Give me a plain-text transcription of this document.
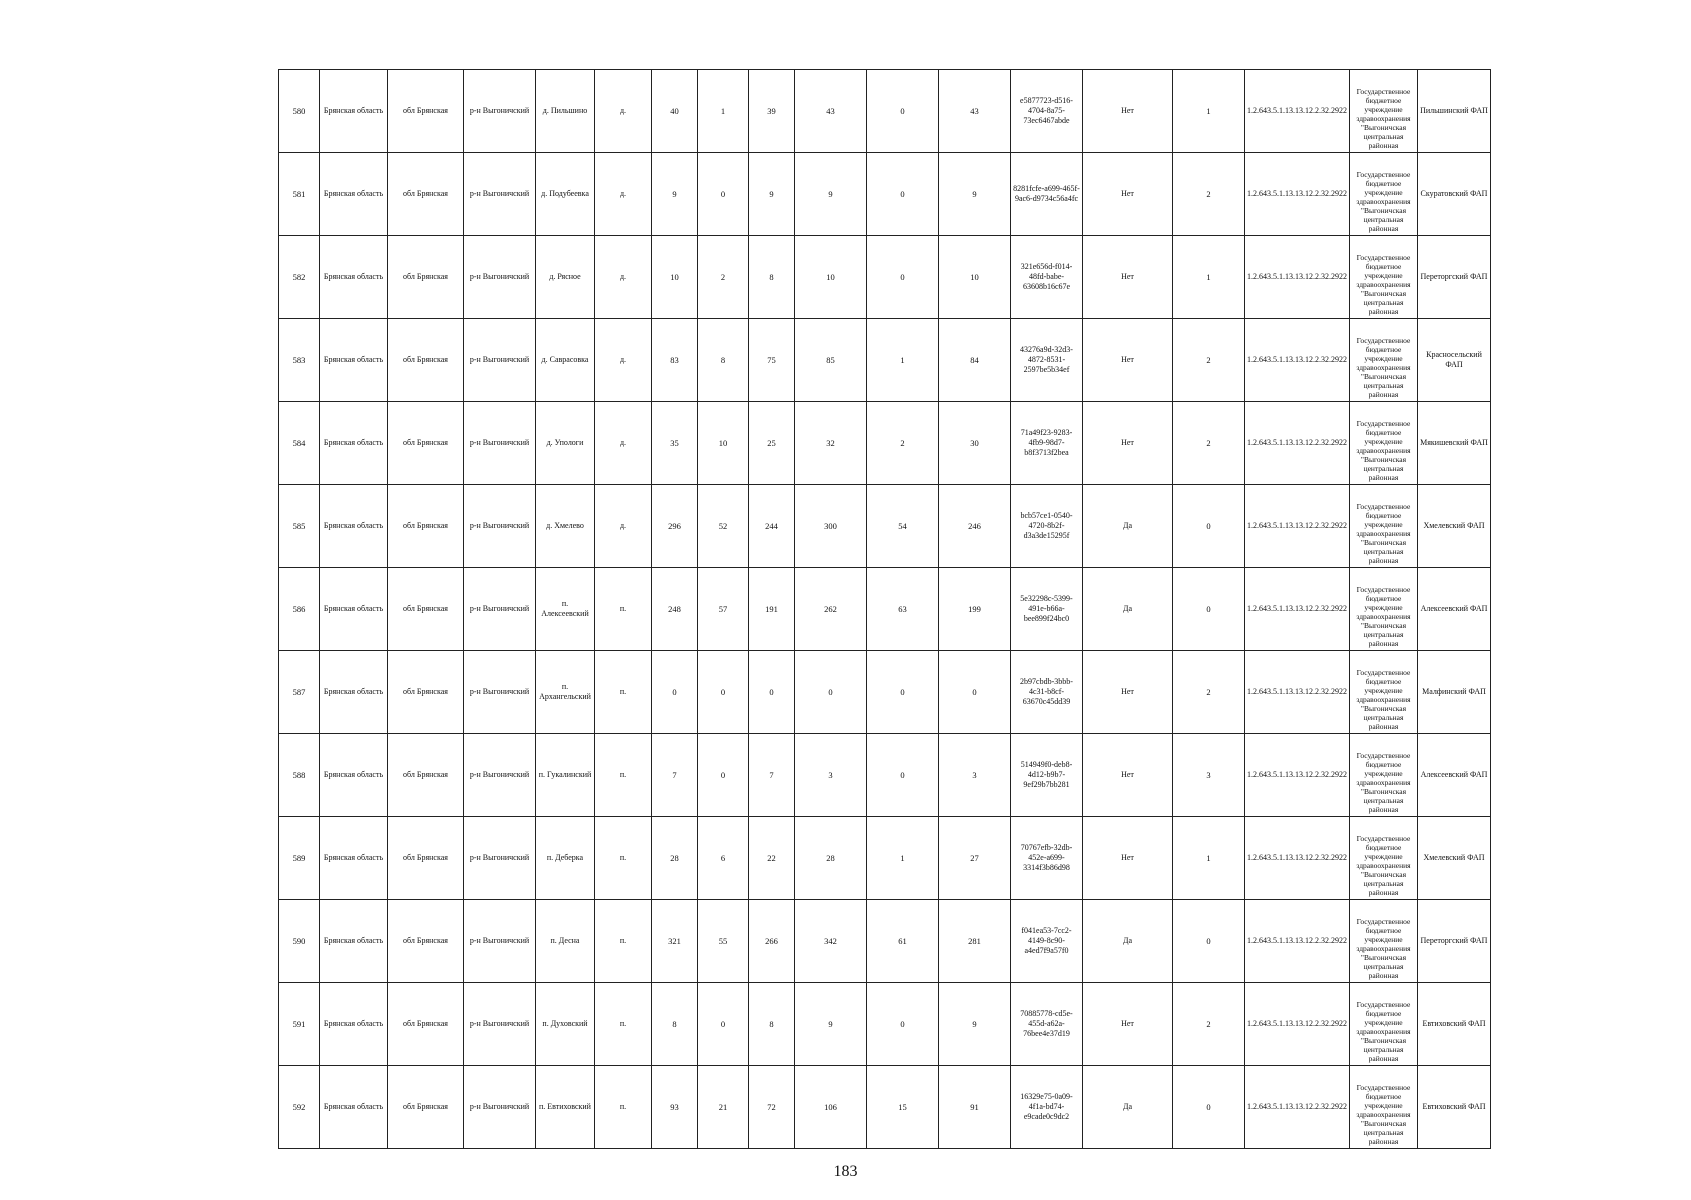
580	Брянская область	обл Брянская	р-н Выгоничский	д. Пильшино	д.	40	1	39	43	0	43	e5877723-d516-4704-8a75-73ec6467abde	Нет	1	1.2.643.5.1.13.13.12.2.32.2922	Государственное бюджетное учреждение здравоохранения "Выгоничская центральная районная	Пильшинский ФАП
581	Брянская область	обл Брянская	р-н Выгоничский	д. Подубеевка	д.	9	0	9	9	0	9	8281fcfe-a699-465f-9ac6-d9734c56a4fc	Нет	2	1.2.643.5.1.13.13.12.2.32.2922	Государственное бюджетное учреждение здравоохранения "Выгоничская центральная районная	Скуратовский ФАП
582	Брянская область	обл Брянская	р-н Выгоничский	д. Рясное	д.	10	2	8	10	0	10	321e656d-f014-48fd-babe-63608b16c67e	Нет	1	1.2.643.5.1.13.13.12.2.32.2922	Государственное бюджетное учреждение здравоохранения "Выгоничская центральная районная	Переторгский ФАП
583	Брянская область	обл Брянская	р-н Выгоничский	д. Саврасовка	д.	83	8	75	85	1	84	43276a9d-32d3-4872-8531-2597be5b34ef	Нет	2	1.2.643.5.1.13.13.12.2.32.2922	Государственное бюджетное учреждение здравоохранения "Выгоничская центральная районная	Красносельский ФАП
584	Брянская область	обл Брянская	р-н Выгоничский	д. Упологи	д.	35	10	25	32	2	30	71a49f23-9283-4fb9-98d7-b8f3713f2bea	Нет	2	1.2.643.5.1.13.13.12.2.32.2922	Государственное бюджетное учреждение здравоохранения "Выгоничская центральная районная	Мякишевский ФАП
585	Брянская область	обл Брянская	р-н Выгоничский	д. Хмелево	д.	296	52	244	300	54	246	bcb57ce1-0540-4720-8b2f-d3a3de15295f	Да	0	1.2.643.5.1.13.13.12.2.32.2922	Государственное бюджетное учреждение здравоохранения "Выгоничская центральная районная	Хмелевский ФАП
586	Брянская область	обл Брянская	р-н Выгоничский	п. Алексеевский	п.	248	57	191	262	63	199	5e32298c-5399-491e-b66a-bee899f24bc0	Да	0	1.2.643.5.1.13.13.12.2.32.2922	Государственное бюджетное учреждение здравоохранения "Выгоничская центральная районная	Алексеевский ФАП
587	Брянская область	обл Брянская	р-н Выгоничский	п. Архангельский	п.	0	0	0	0	0	0	2b97cbdb-3bbb-4c31-b8cf-63670c45dd39	Нет	2	1.2.643.5.1.13.13.12.2.32.2922	Государственное бюджетное учреждение здравоохранения "Выгоничская центральная районная	Малфинский ФАП
588	Брянская область	обл Брянская	р-н Выгоничский	п. Гукалинский	п.	7	0	7	3	0	3	514949f0-deb8-4d12-b9b7-9ef29b7bb281	Нет	3	1.2.643.5.1.13.13.12.2.32.2922	Государственное бюджетное учреждение здравоохранения "Выгоничская центральная районная	Алексеевский ФАП
589	Брянская область	обл Брянская	р-н Выгоничский	п. Деберка	п.	28	6	22	28	1	27	70767efb-32db-452e-a699-3314f3b86d98	Нет	1	1.2.643.5.1.13.13.12.2.32.2922	Государственное бюджетное учреждение здравоохранения "Выгоничская центральная районная	Хмелевский ФАП
590	Брянская область	обл Брянская	р-н Выгоничский	п. Десна	п.	321	55	266	342	61	281	f041ea53-7cc2-4149-8c90-a4ed7f9a57f0	Да	0	1.2.643.5.1.13.13.12.2.32.2922	Государственное бюджетное учреждение здравоохранения "Выгоничская центральная районная	Переторгский ФАП
591	Брянская область	обл Брянская	р-н Выгоничский	п. Духовский	п.	8	0	8	9	0	9	70885778-cd5e-455d-a62a-76bee4e37d19	Нет	2	1.2.643.5.1.13.13.12.2.32.2922	Государственное бюджетное учреждение здравоохранения "Выгоничская центральная районная	Евтиховский ФАП
592	Брянская область	обл Брянская	р-н Выгоничский	п. Евтиховский	п.	93	21	72	106	15	91	16329e75-0a09-4f1a-bd74-e9cade0c9dc2	Да	0	1.2.643.5.1.13.13.12.2.32.2922	Государственное бюджетное учреждение здравоохранения "Выгоничская центральная районная	Евтиховский ФАП
183
